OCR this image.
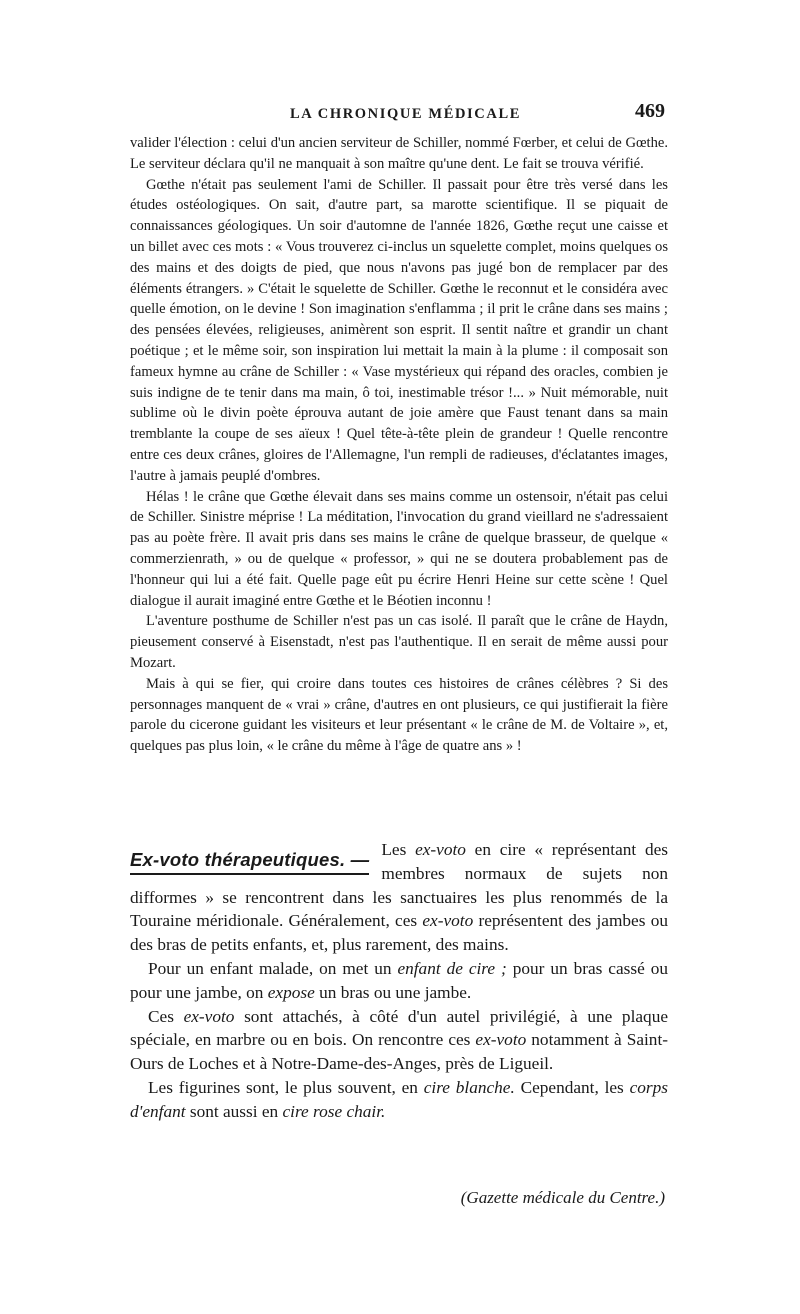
LA CHRONIQUE MÉDICALE	469

valider l'élection : celui d'un ancien serviteur de Schiller, nommé Fœrber, et celui de Gœthe. Le serviteur déclara qu'il ne manquait à son maître qu'une dent. Le fait se trouva vérifié.

Gœthe n'était pas seulement l'ami de Schiller. Il passait pour être très versé dans les études ostéologiques. On sait, d'autre part, sa marotte scientifique. Il se piquait de connaissances géologiques. Un soir d'automne de l'année 1826, Gœthe reçut une caisse et un billet avec ces mots : « Vous trouverez ci-inclus un squelette complet, moins quelques os des mains et des doigts de pied, que nous n'avons pas jugé bon de remplacer par des éléments étrangers. » C'était le squelette de Schiller. Gœthe le reconnut et le considéra avec quelle émotion, on le devine ! Son imagination s'enflamma ; il prit le crâne dans ses mains ; des pensées élevées, religieuses, animèrent son esprit. Il sentit naître et grandir un chant poétique ; et le même soir, son inspiration lui mettait la main à la plume : il composait son fameux hymne au crâne de Schiller : « Vase mystérieux qui répand des oracles, combien je suis indigne de te tenir dans ma main, ô toi, inestimable trésor !... » Nuit mémorable, nuit sublime où le divin poète éprouva autant de joie amère que Faust tenant dans sa main tremblante la coupe de ses aïeux ! Quel tête-à-tête plein de grandeur ! Quelle rencontre entre ces deux crânes, gloires de l'Allemagne, l'un rempli de radieuses, d'éclatantes images, l'autre à jamais peuplé d'ombres.

Hélas ! le crâne que Gœthe élevait dans ses mains comme un ostensoir, n'était pas celui de Schiller. Sinistre méprise ! La méditation, l'invocation du grand vieillard ne s'adressaient pas au poète frère. Il avait pris dans ses mains le crâne de quelque brasseur, de quelque « commerzienrath, » ou de quelque « professor, » qui ne se doutera probablement pas de l'honneur qui lui a été fait. Quelle page eût pu écrire Henri Heine sur cette scène ! Quel dialogue il aurait imaginé entre Gœthe et le Béotien inconnu !

L'aventure posthume de Schiller n'est pas un cas isolé. Il paraît que le crâne de Haydn, pieusement conservé à Eisenstadt, n'est pas l'authentique. Il en serait de même aussi pour Mozart.

Mais à qui se fier, qui croire dans toutes ces histoires de crânes célèbres ? Si des personnages manquent de « vrai » crâne, d'autres en ont plusieurs, ce qui justifierait la fière parole du cicerone guidant les visiteurs et leur présentant « le crâne de M. de Voltaire », et, quelques pas plus loin, « le crâne du même à l'âge de quatre ans » !

Ex-voto thérapeutiques. — Les ex-voto en cire « représentant des membres normaux de sujets non difformes » se rencontrent dans les sanctuaires les plus renommés de la Touraine méridionale. Généralement, ces ex-voto représentent des jambes ou des bras de petits enfants, et, plus rarement, des mains.

Pour un enfant malade, on met un enfant de cire ; pour un bras cassé ou pour une jambe, on expose un bras ou une jambe.

Ces ex-voto sont attachés, à côté d'un autel privilégié, à une plaque spéciale, en marbre ou en bois. On rencontre ces ex-voto notamment à Saint-Ours de Loches et à Notre-Dame-des-Anges, près de Ligueil.

Les figurines sont, le plus souvent, en cire blanche. Cependant, les corps d'enfant sont aussi en cire rose chair.

(Gazette médicale du Centre.)
